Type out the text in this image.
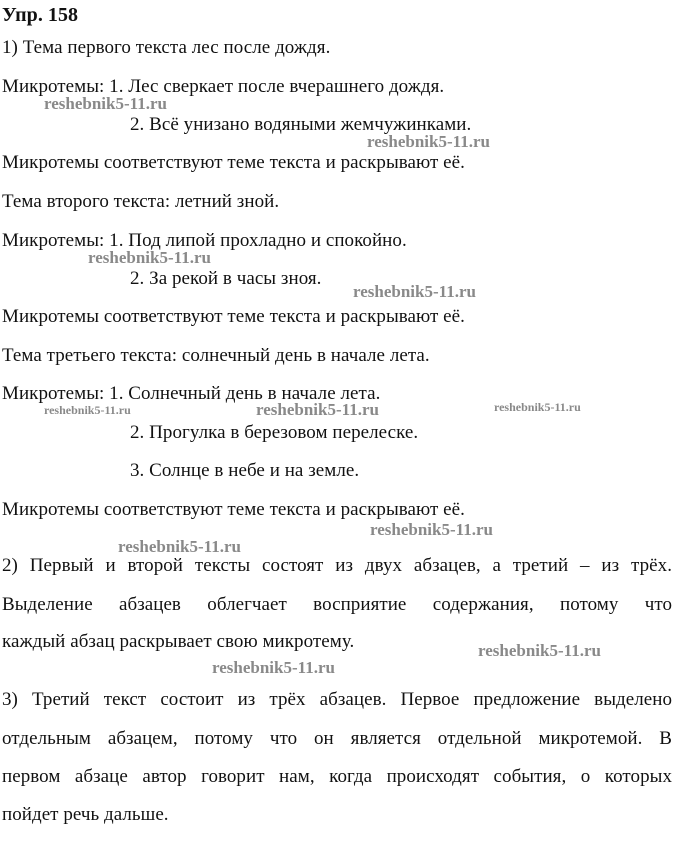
Упр. 158
1) Тема первого текста лес после дождя.
Микротемы: 1. Лес сверкает после вчерашнего дождя.
2. Всё унизано водяными жемчужинками.
Микротемы соответствуют теме текста и раскрывают её.
Тема второго текста: летний зной.
Микротемы: 1. Под липой прохладно и спокойно.
2. За рекой в часы зноя.
Микротемы соответствуют теме текста и раскрывают её.
Тема третьего текста: солнечный день в начале лета.
Микротемы: 1. Солнечный день в начале лета.
2. Прогулка в березовом перелеске.
3. Солнце в небе и на земле.
Микротемы соответствуют теме текста и раскрывают её.
2) Первый и второй тексты состоят из двух абзацев, а третий – из трёх.
Выделение абзацев облегчает восприятие содержания, потому что
каждый абзац раскрывает свою микротему.
3) Третий текст состоит из трёх абзацев. Первое предложение выделено
отдельным абзацем, потому что он является отдельной микротемой. В
первом абзаце автор говорит нам, когда происходят события, о которых
пойдет речь дальше.
reshebnik5-11.ru
reshebnik5-11.ru
reshebnik5-11.ru
reshebnik5-11.ru
reshebnik5-11.ru	reshebnik5-11.ru	reshebnik5-11.ru
reshebnik5-11.ru
reshebnik5-11.ru
reshebnik5-11.ru
reshebnik5-11.ru
